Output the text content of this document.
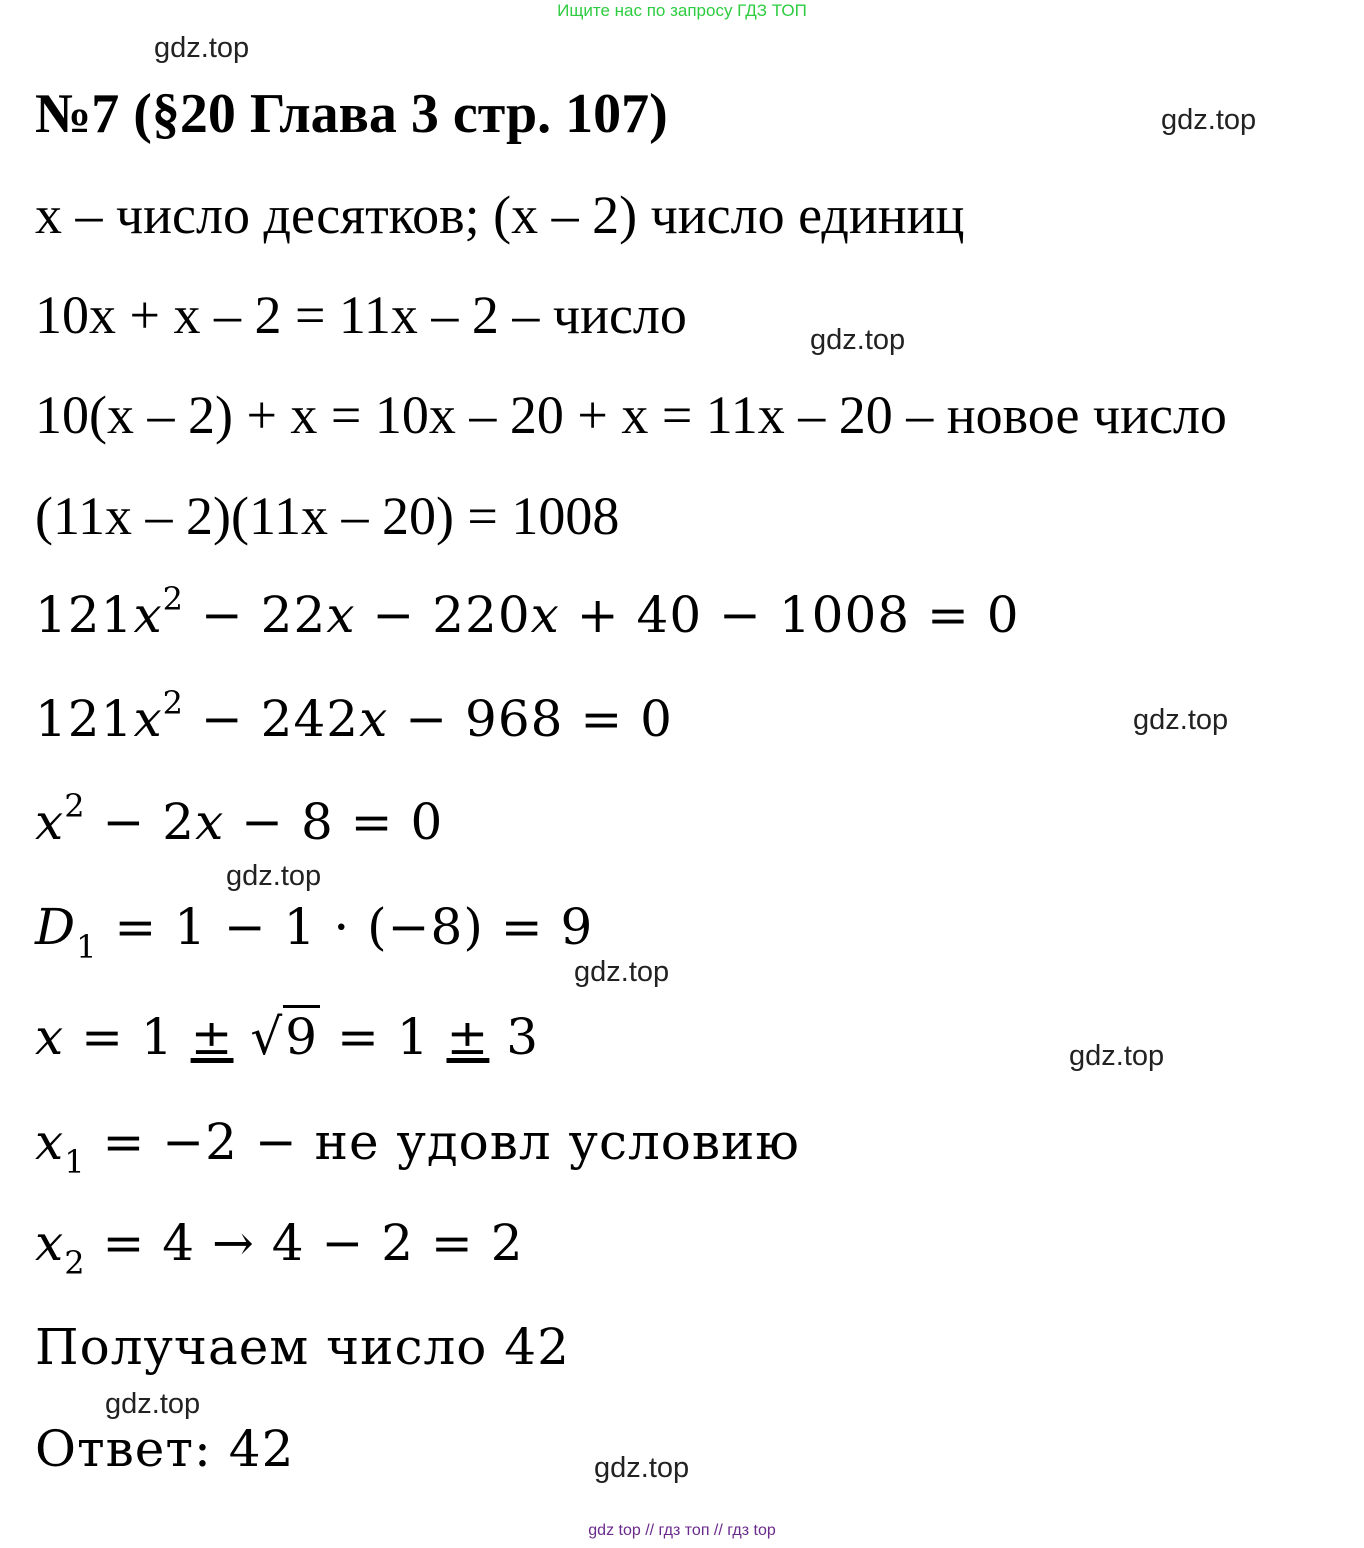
Ищите нас по запросу ГДЗ ТОП
gdz.top
№7 (§20 Глава 3 стр. 107)	gdz.top
x – число десятков; (x – 2) число единиц
10x + x – 2 = 11x – 2 – число	gdz.top
10(x – 2) + x = 10x – 20 + x = 11x – 20 – новое число
(11x – 2)(11x – 20) = 1008
$121x^2 - 22x - 220x + 40 - 1008 = 0$
$121x^2 - 242x - 968 = 0$	gdz.top
$x^2 - 2x - 8 = 0$
gdz.top
$D_1 = 1 - 1 \cdot (-8) = 9$
gdz.top
x = 1 ± √9 = 1 ± 3	gdz.top
$x_1 = -2$ − не удовл условию
$x_2 = 4 \to 4 - 2 = 2$
Получаем число 42
gdz.top
Ответ: 42	gdz.top
gdz top // гдз топ // гдз top
